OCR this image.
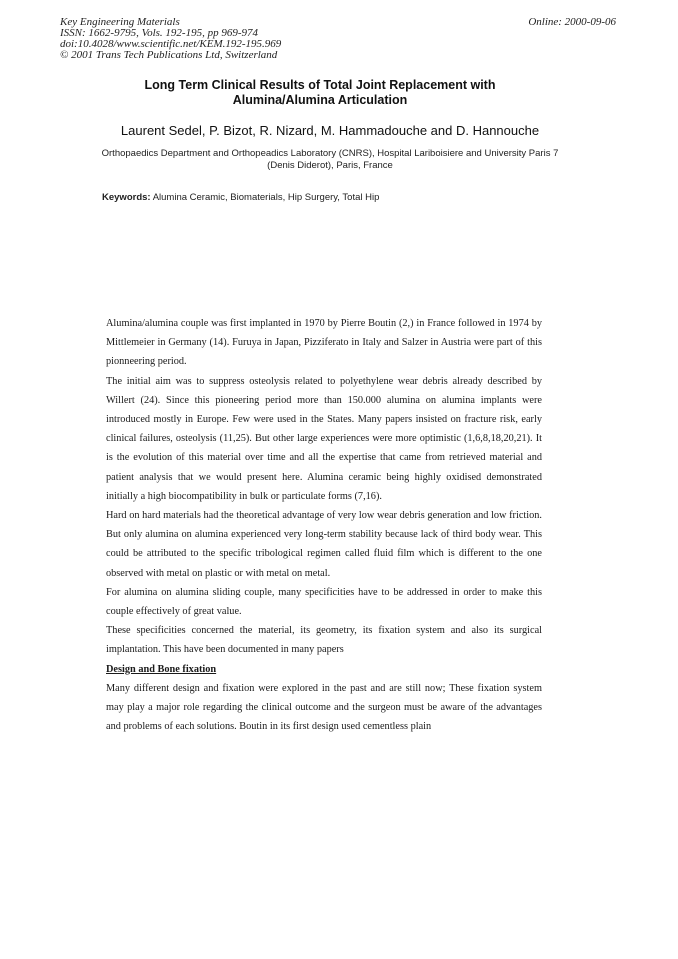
Key Engineering Materials
ISSN: 1662-9795, Vols. 192-195, pp 969-974
doi:10.4028/www.scientific.net/KEM.192-195.969
© 2001 Trans Tech Publications Ltd, Switzerland
Online: 2000-09-06
Long Term Clinical Results of Total Joint Replacement with Alumina/Alumina Articulation
Laurent Sedel, P. Bizot, R. Nizard, M. Hammadouche and D. Hannouche
Orthopaedics Department and Orthopeadics Laboratory (CNRS), Hospital Lariboisiere and University Paris 7 (Denis Diderot), Paris, France
Keywords: Alumina Ceramic, Biomaterials, Hip Surgery, Total Hip

Alumina/alumina couple was first implanted in 1970 by Pierre Boutin (2,) in France followed in 1974 by Mittlemeier in Germany (14). Furuya in Japan, Pizziferato in Italy and Salzer in Austria were part of this pionneering period.

The initial aim was to suppress osteolysis related to polyethylene wear debris already described by Willert (24). Since this pioneering period more than 150.000 alumina on alumina implants were introduced mostly in Europe. Few were used in the States. Many papers insisted on fracture risk, early clinical failures, osteolysis (11,25). But other large experiences were more optimistic (1,6,8,18,20,21). It is the evolution of this material over time and all the expertise that came from retrieved material and patient analysis that we would present here. Alumina ceramic being highly oxidised demonstrated initially a high biocompatibility in bulk or particulate forms (7,16).

Hard on hard materials had the theoretical advantage of very low wear debris generation and low friction. But only alumina on alumina experienced very long-term stability because lack of third body wear. This could be attributed to the specific tribological regimen called fluid film which is different to the one observed with metal on plastic or with metal on metal.

For alumina on alumina sliding couple, many specificities have to be addressed in order to make this couple effectively of great value.

These specificities concerned the material, its geometry, its fixation system and also its surgical implantation. This have been documented in many papers

Design and Bone fixation

Many different design and fixation were explored in the past and are still now; These fixation system may play a major role regarding the clinical outcome and the surgeon must be aware of the advantages and problems of each solutions. Boutin in its first design used cementless plain
